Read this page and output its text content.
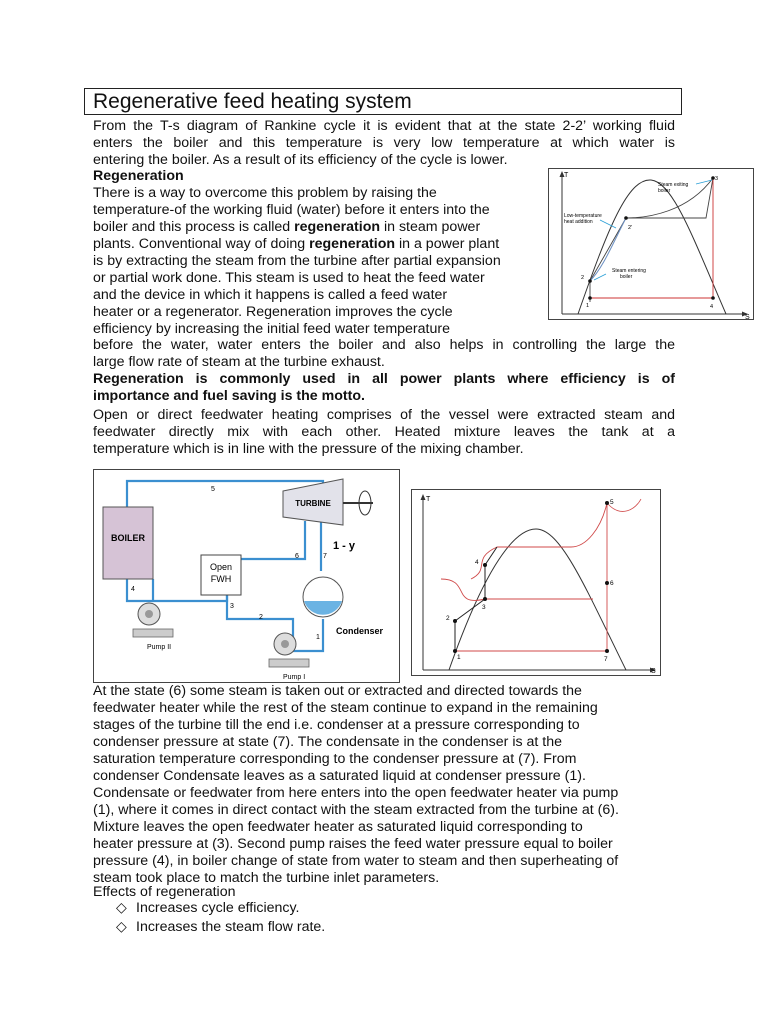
Regenerative feed heating system
From the T-s diagram of Rankine cycle it is evident that at the state 2-2’ working fluid
enters the boiler and this temperature is very low temperature at which water is
entering the boiler. As a result of its efficiency of the cycle is lower.
Regeneration
There is a way to overcome this problem by raising the
temperature-of the working fluid (water) before it enters into the
boiler and this process is called regeneration in steam power
plants. Conventional way of doing regeneration in a power plant
is by extracting the steam from the turbine after partial expansion
or partial work done. This steam is used to heat the feed water
and the device in which it happens is called a feed water
heater or a regenerator. Regeneration improves the cycle
efficiency by increasing the initial feed water temperature
before the water, water enters the boiler and also helps in controlling the large the
large flow rate of steam at the turbine exhaust.
Regeneration is commonly used in all power plants where efficiency is of
importance and fuel saving is the motto.
Open or direct feedwater heating comprises of the vessel were extracted steam and
feedwater directly mix with each other. Heated mixture leaves the tank at a
temperature which is in line with the pressure of the mixing chamber.
T
S
1
2
2'
3
4
Steam exiting
boiler
Low-temperature
heat addition
Steam entering
boiler
BOILER
TURBINE
1 - y
Open
FWH
Condenser
Pump II
Pump I
1
2
3
4
5
6	7
T
S
1
2
3
4
5
6
7
At the state (6) some steam is taken out or extracted and directed towards the
feedwater heater while the rest of the steam continue to expand in the remaining
stages of the turbine till the end i.e. condenser at a pressure corresponding to
condenser pressure at state (7). The condensate in the condenser is at the
saturation temperature corresponding to the condenser pressure at (7). From
condenser Condensate leaves as a saturated liquid at condenser pressure (1).
Condensate or feedwater from here enters into the open feedwater heater via pump
(1), where it comes in direct contact with the steam extracted from the turbine at (6).
Mixture leaves the open feedwater heater as saturated liquid corresponding to
heater pressure at (3). Second pump raises the feed water pressure equal to boiler
pressure (4), in boiler change of state from water to steam and then superheating of
steam took place to match the turbine inlet parameters.
Effects of regeneration
◇ Increases cycle efficiency.
◇ Increases the steam flow rate.
